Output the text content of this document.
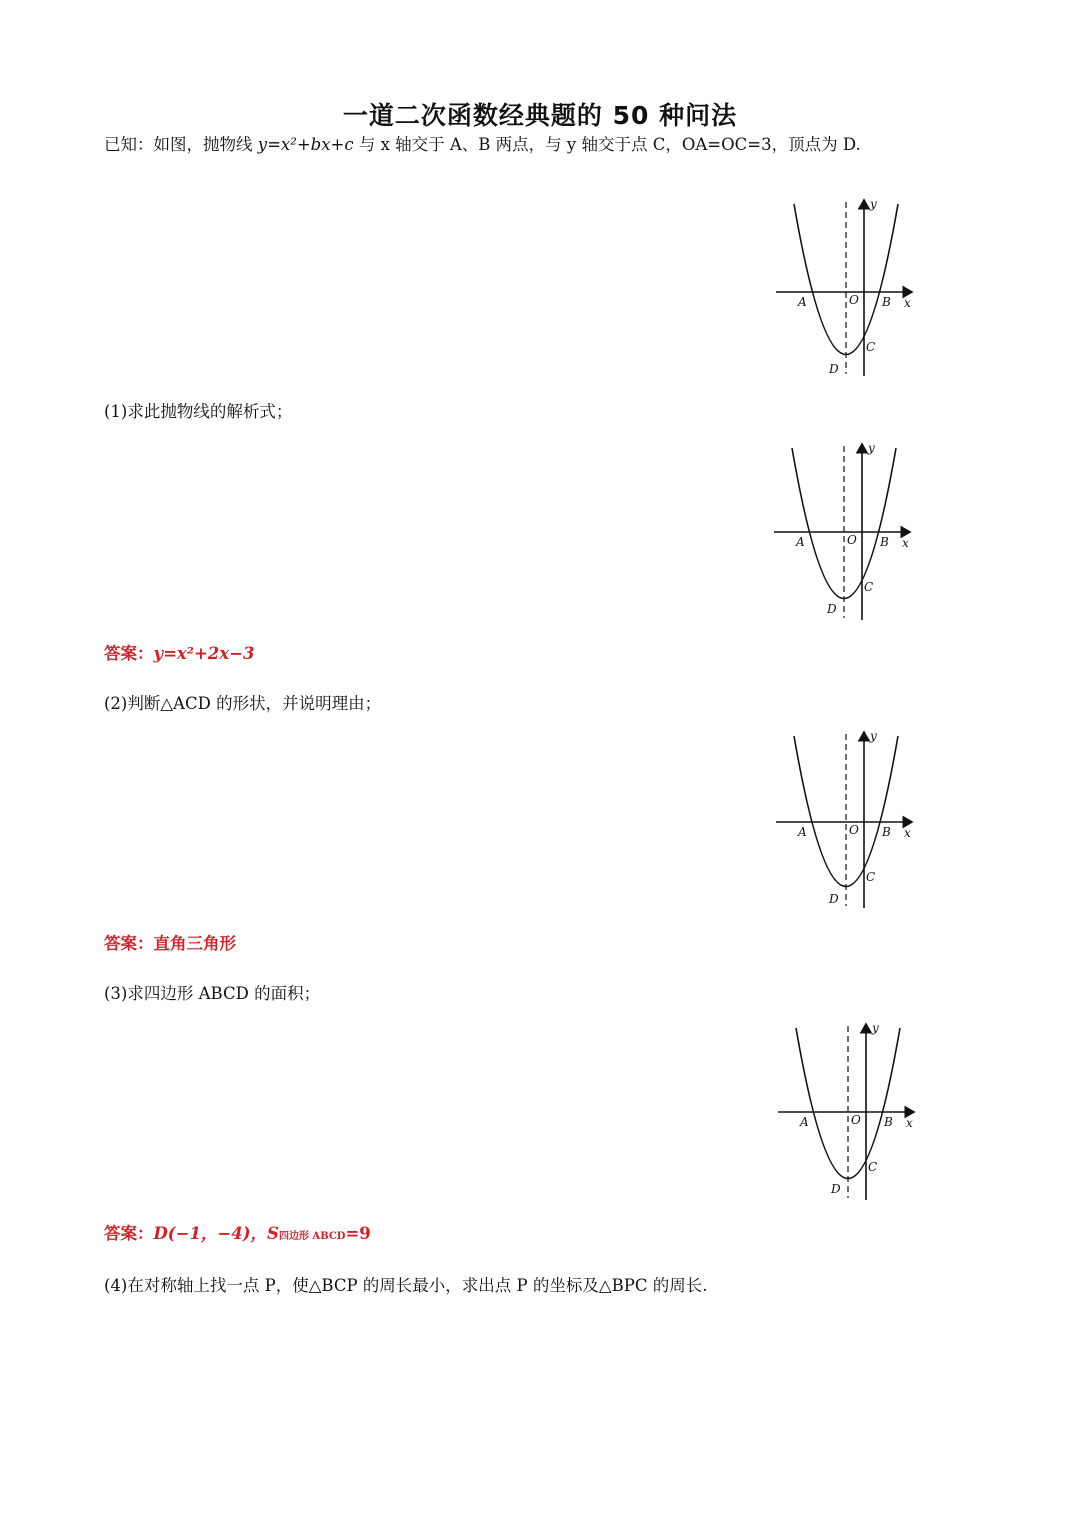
一道二次函数经典题的 50 种问法
已知：如图，抛物线 y=x²+bx+c 与 x 轴交于 A、B 两点，与 y 轴交于点 C，OA=OC=3，顶点为 D.
y
x
O
A	B
C
D
(1)求此抛物线的解析式；
y
x
O
A	B
C
D
答案：y=x²+2x−3
(2)判断△ACD 的形状，并说明理由；
y
x
O
A	B
C
D
答案：直角三角形
(3)求四边形 ABCD 的面积；
y
x
O
A	B
C
D
答案：D(−1，−4)，S四边形 ABCD=9
(4)在对称轴上找一点 P，使△BCP 的周长最小，求出点 P 的坐标及△BPC 的周长.
